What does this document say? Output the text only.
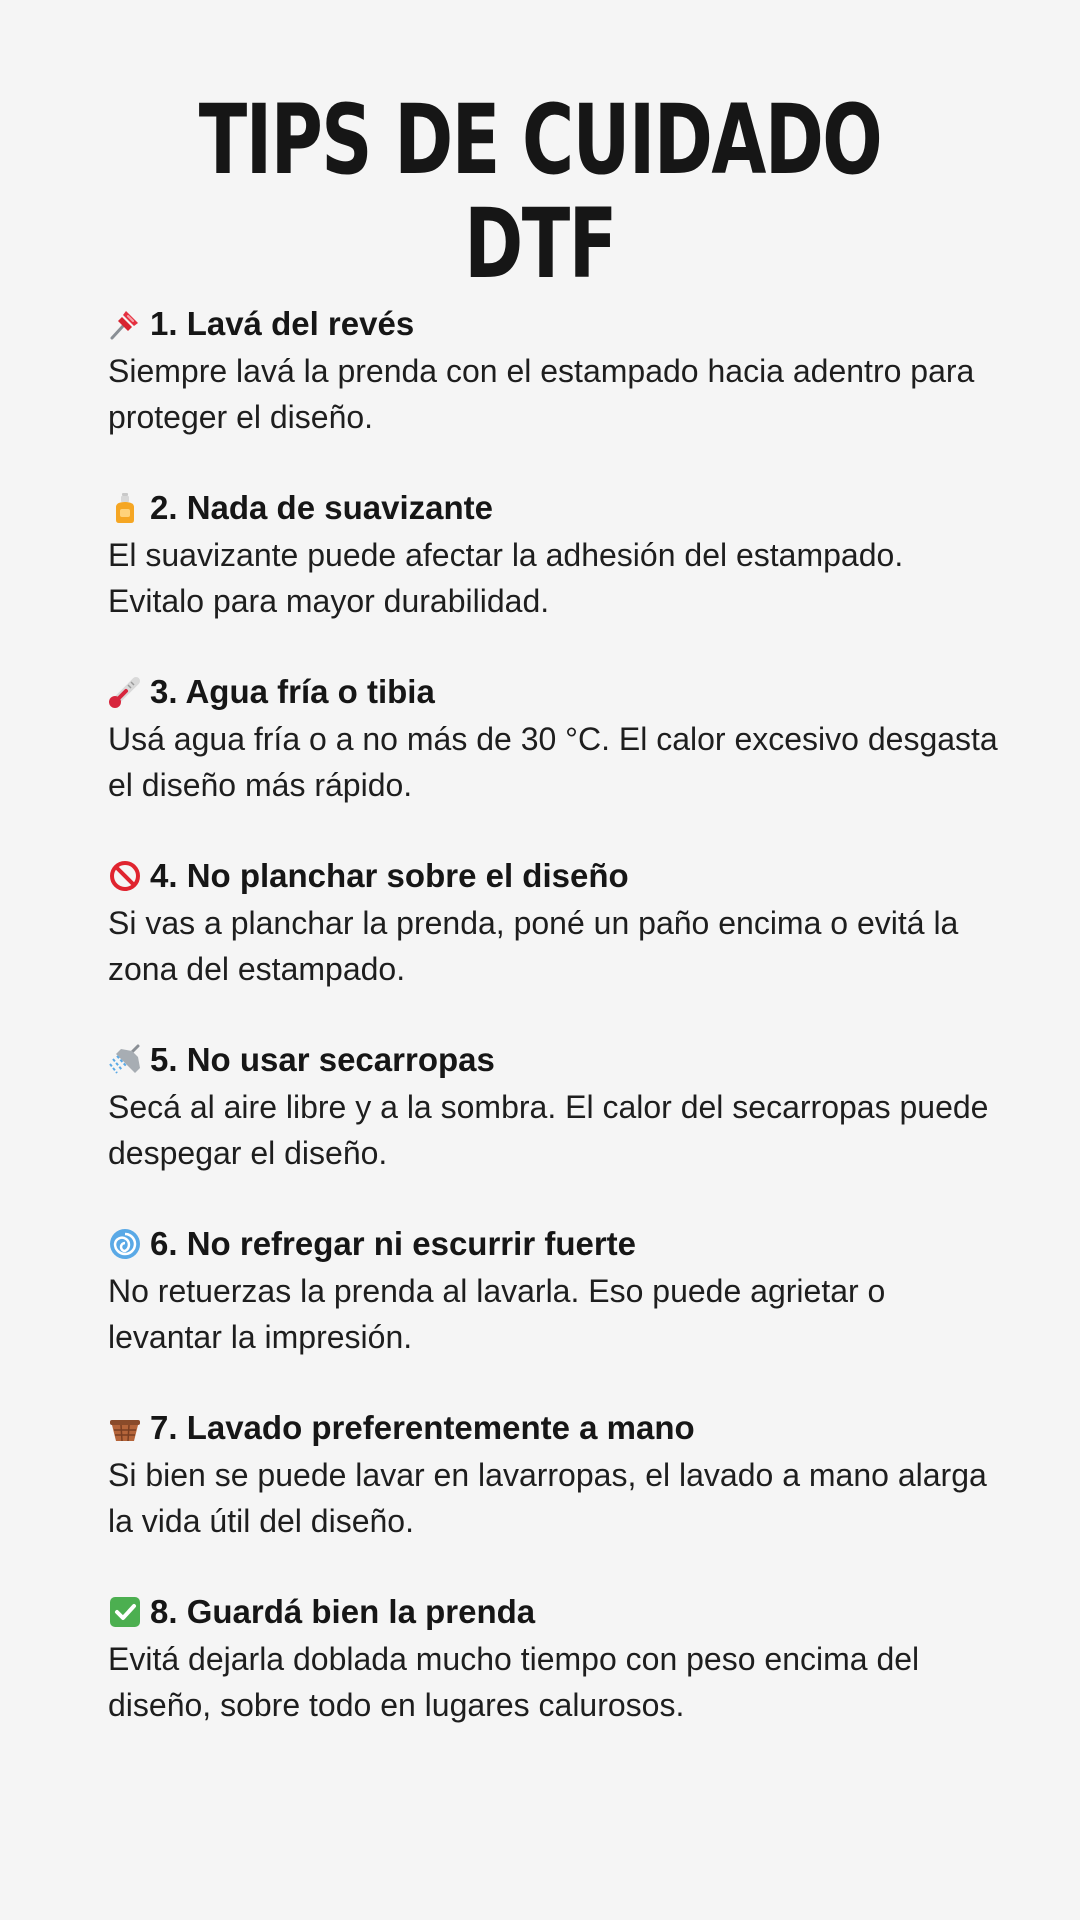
TIPS DE CUIDADO DTF
1. Lavá del revés
Siempre lavá la prenda con el estampado hacia adentro para proteger el diseño.
2. Nada de suavizante
El suavizante puede afectar la adhesión del estampado. Evitalo para mayor durabilidad.
3. Agua fría o tibia
Usá agua fría o a no más de 30 °C. El calor excesivo desgasta el diseño más rápido.
4. No planchar sobre el diseño
Si vas a planchar la prenda, poné un paño encima o evitá la zona del estampado.
5. No usar secarropas
Secá al aire libre y a la sombra. El calor del secarropas puede despegar el diseño.
6. No refregar ni escurrir fuerte
No retuerzas la prenda al lavarla. Eso puede agrietar o levantar la impresión.
7. Lavado preferentemente a mano
Si bien se puede lavar en lavarropas, el lavado a mano alarga la vida útil del diseño.
8. Guardá bien la prenda
Evitá dejarla doblada mucho tiempo con peso encima del diseño, sobre todo en lugares calurosos.
